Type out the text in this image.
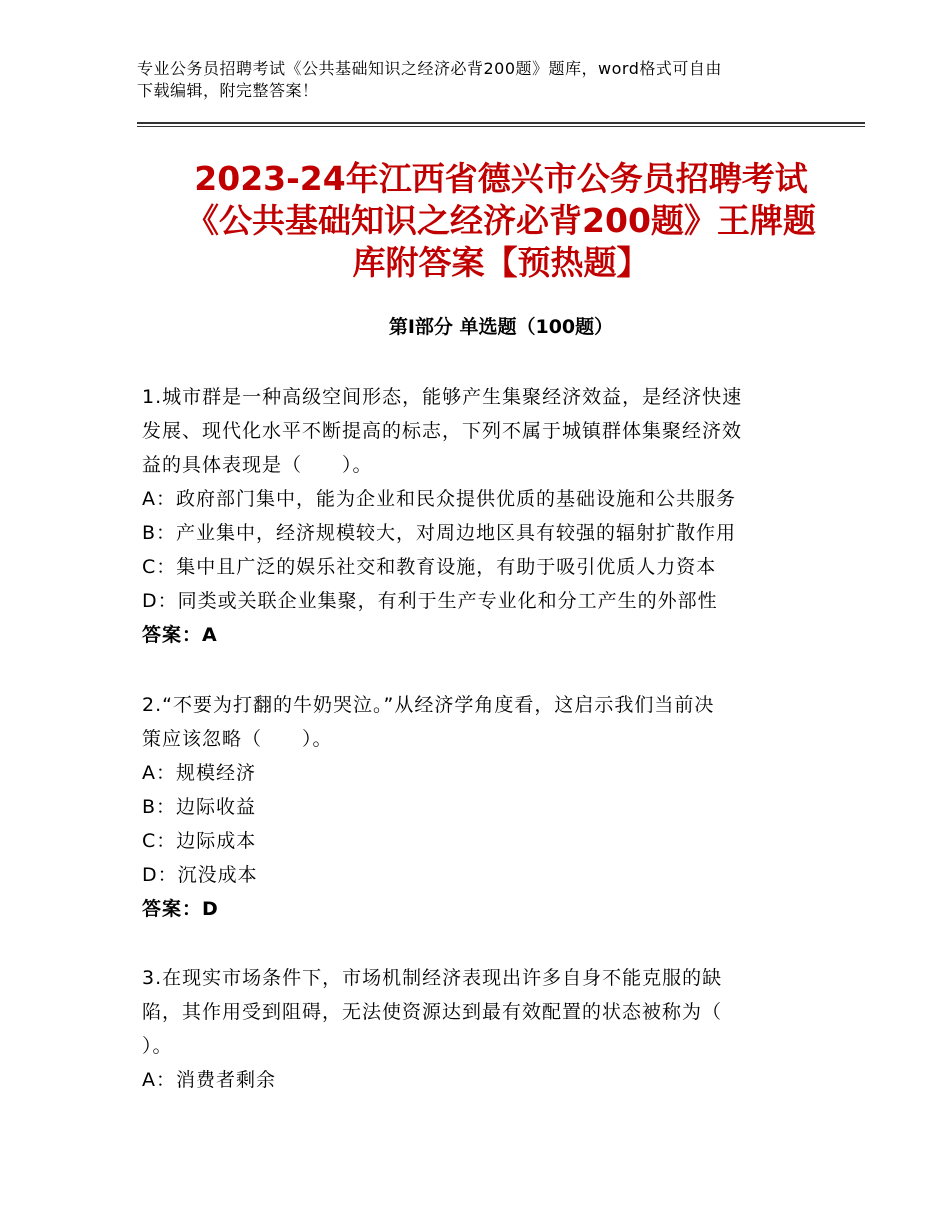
专业公务员招聘考试《公共基础知识之经济必背200题》题库，word格式可自由
下载编辑，附完整答案！
2023-24年江西省德兴市公务员招聘考试
《公共基础知识之经济必背200题》王牌题
库附答案【预热题】
第Ⅰ部分 单选题（100题）
1.城市群是一种高级空间形态，能够产生集聚经济效益，是经济快速
发展、现代化水平不断提高的标志，下列不属于城镇群体集聚经济效
益的具体表现是（　　）。
A：政府部门集中，能为企业和民众提供优质的基础设施和公共服务
B：产业集中，经济规模较大，对周边地区具有较强的辐射扩散作用
C：集中且广泛的娱乐社交和教育设施，有助于吸引优质人力资本
D：同类或关联企业集聚，有利于生产专业化和分工产生的外部性
答案：A
2.“不要为打翻的牛奶哭泣。”从经济学角度看，这启示我们当前决
策应该忽略（　　）。
A：规模经济
B：边际收益
C：边际成本
D：沉没成本
答案：D
3.在现实市场条件下，市场机制经济表现出许多自身不能克服的缺
陷，其作用受到阻碍，无法使资源达到最有效配置的状态被称为（
）。
A：消费者剩余
